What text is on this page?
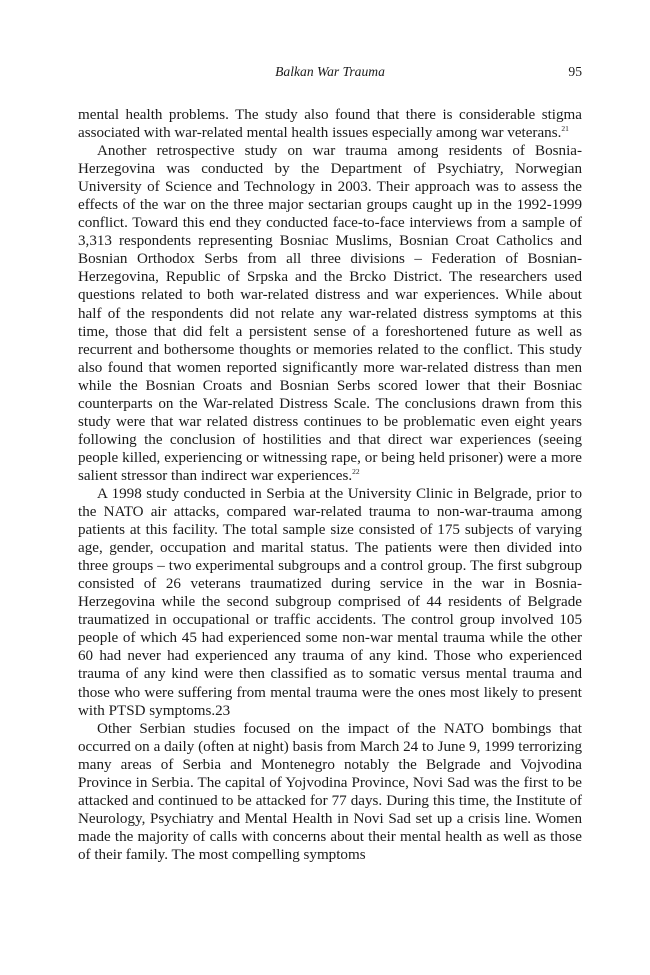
Balkan War Trauma	95

mental health problems. The study also found that there is considerable stigma associated with war-related mental health issues especially among war veterans.$^{21}$

Another retrospective study on war trauma among residents of Bosnia-Herzegovina was conducted by the Department of Psychiatry, Norwegian University of Science and Technology in 2003. Their approach was to assess the effects of the war on the three major sectarian groups caught up in the 1992-1999 conflict. Toward this end they conducted face-to-face interviews from a sample of 3,313 respondents representing Bosniac Muslims, Bosnian Croat Catholics and Bosnian Orthodox Serbs from all three divisions – Federation of Bosnian-Herzegovina, Republic of Srpska and the Brcko District. The researchers used questions related to both war-related distress and war experiences. While about half of the respondents did not relate any war-related distress symptoms at this time, those that did felt a persistent sense of a foreshortened future as well as recurrent and bothersome thoughts or memories related to the conflict. This study also found that women reported significantly more war-related distress than men while the Bosnian Croats and Bosnian Serbs scored lower that their Bosniac counterparts on the War-related Distress Scale. The conclusions drawn from this study were that war related distress continues to be problematic even eight years following the conclusion of hostilities and that direct war experiences (seeing people killed, experiencing or witnessing rape, or being held prisoner) were a more salient stressor than indirect war experiences.$^{22}$

A 1998 study conducted in Serbia at the University Clinic in Belgrade, prior to the NATO air attacks, compared war-related trauma to non-war-trauma among patients at this facility. The total sample size consisted of 175 subjects of varying age, gender, occupation and marital status. The patients were then divided into three groups – two experimental subgroups and a control group. The first subgroup consisted of 26 veterans traumatized during service in the war in Bosnia-Herzegovina while the second subgroup comprised of 44 residents of Belgrade traumatized in occupational or traffic accidents. The control group involved 105 people of which 45 had experienced some non-war mental trauma while the other 60 had never had experienced any trauma of any kind. Those who experienced trauma of any kind were then classified as to somatic versus mental trauma and those who were suffering from mental trauma were the ones most likely to present with PTSD symptoms.23

Other Serbian studies focused on the impact of the NATO bombings that occurred on a daily (often at night) basis from March 24 to June 9, 1999 terrorizing many areas of Serbia and Montenegro notably the Belgrade and Vojvodina Province in Serbia. The capital of Yojvodina Province, Novi Sad was the first to be attacked and continued to be attacked for 77 days. During this time, the Institute of Neurology, Psychiatry and Mental Health in Novi Sad set up a crisis line. Women made the majority of calls with concerns about their mental health as well as those of their family. The most compelling symptoms
